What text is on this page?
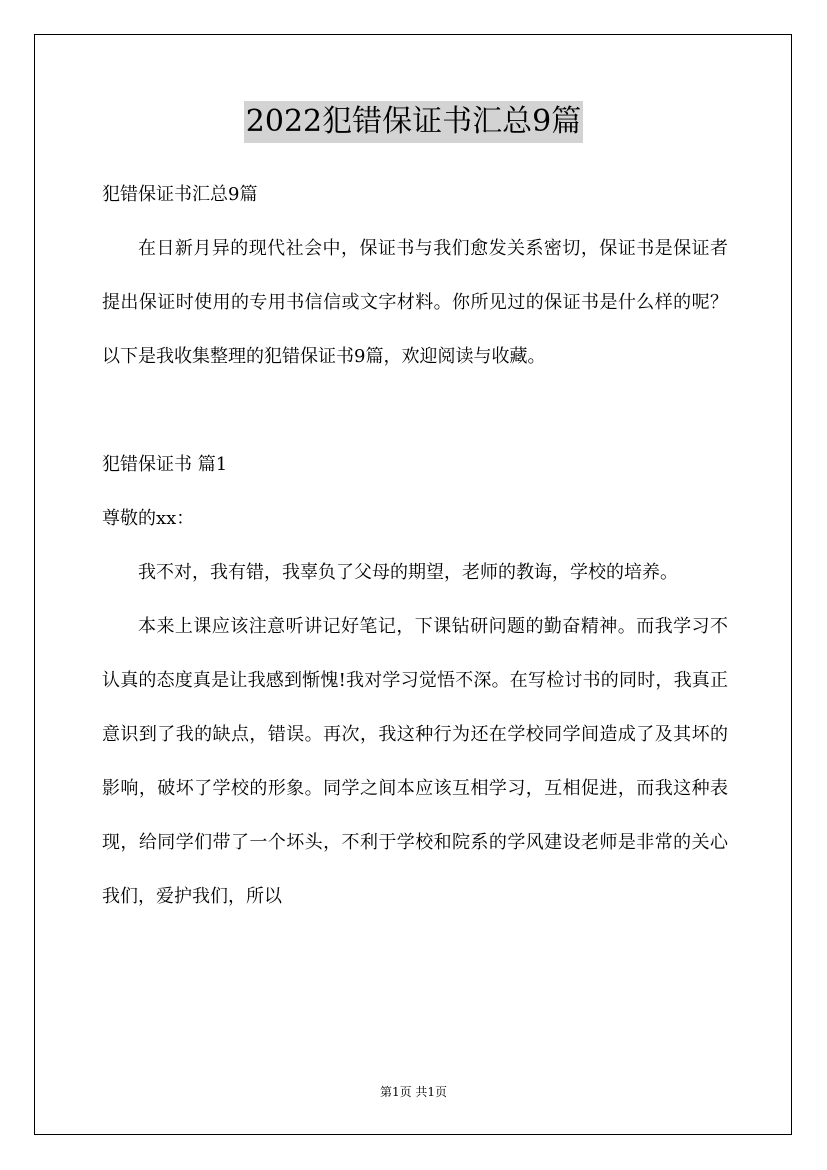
2022犯错保证书汇总9篇

犯错保证书汇总9篇

在日新月异的现代社会中，保证书与我们愈发关系密切，保证书是保证者提出保证时使用的专用书信信或文字材料。你所见过的保证书是什么样的呢？以下是我收集整理的犯错保证书9篇，欢迎阅读与收藏。

犯错保证书 篇1

尊敬的xx：

我不对，我有错，我辜负了父母的期望，老师的教诲，学校的培养。

本来上课应该注意听讲记好笔记，下课钻研问题的勤奋精神。而我学习不认真的态度真是让我感到惭愧!我对学习觉悟不深。在写检讨书的同时，我真正意识到了我的缺点，错误。再次，我这种行为还在学校同学间造成了及其坏的影响，破坏了学校的形象。同学之间本应该互相学习，互相促进，而我这种表现，给同学们带了一个坏头，不利于学校和院系的学风建设老师是非常的关心我们，爱护我们，所以

第1页 共1页
